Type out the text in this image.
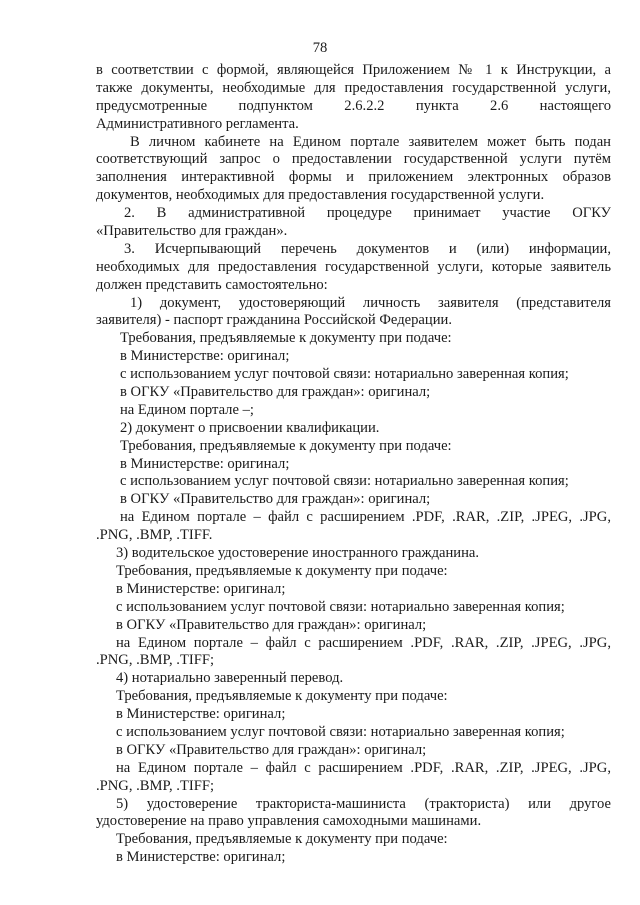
78
в соответствии с формой, являющейся Приложением № 1 к Инструкции, а
также документы, необходимые для предоставления государственной услуги,
предусмотренные подпунктом 2.6.2.2 пункта 2.6 настоящего
Административного регламента.
В личном кабинете на Едином портале заявителем может быть подан
соответствующий запрос о предоставлении государственной услуги путём
заполнения интерактивной формы и приложением электронных образов
документов, необходимых для предоставления государственной услуги.
2. В административной процедуре принимает участие ОГКУ
«Правительство для граждан».
3. Исчерпывающий перечень документов и (или) информации,
необходимых для предоставления государственной услуги, которые заявитель
должен представить самостоятельно:
1) документ, удостоверяющий личность заявителя (представителя
заявителя) - паспорт гражданина Российской Федерации.
Требования, предъявляемые к документу при подаче:
в Министерстве: оригинал;
с использованием услуг почтовой связи: нотариально заверенная копия;
в ОГКУ «Правительство для граждан»: оригинал;
на Едином портале –;
2) документ о присвоении квалификации.
Требования, предъявляемые к документу при подаче:
в Министерстве: оригинал;
с использованием услуг почтовой связи: нотариально заверенная копия;
в ОГКУ «Правительство для граждан»: оригинал;
на Едином портале – файл с расширением .PDF, .RAR, .ZIP, .JPEG, .JPG,
.PNG, .BMP, .TIFF.
3) водительское удостоверение иностранного гражданина.
Требования, предъявляемые к документу при подаче:
в Министерстве: оригинал;
с использованием услуг почтовой связи: нотариально заверенная копия;
в ОГКУ «Правительство для граждан»: оригинал;
на Едином портале – файл с расширением .PDF, .RAR, .ZIP, .JPEG, .JPG,
.PNG, .BMP, .TIFF;
4) нотариально заверенный перевод.
Требования, предъявляемые к документу при подаче:
в Министерстве: оригинал;
с использованием услуг почтовой связи: нотариально заверенная копия;
в ОГКУ «Правительство для граждан»: оригинал;
на Едином портале – файл с расширением .PDF, .RAR, .ZIP, .JPEG, .JPG,
.PNG, .BMP, .TIFF;
5) удостоверение тракториста-машиниста (тракториста) или другое
удостоверение на право управления самоходными машинами.
Требования, предъявляемые к документу при подаче:
в Министерстве: оригинал;
